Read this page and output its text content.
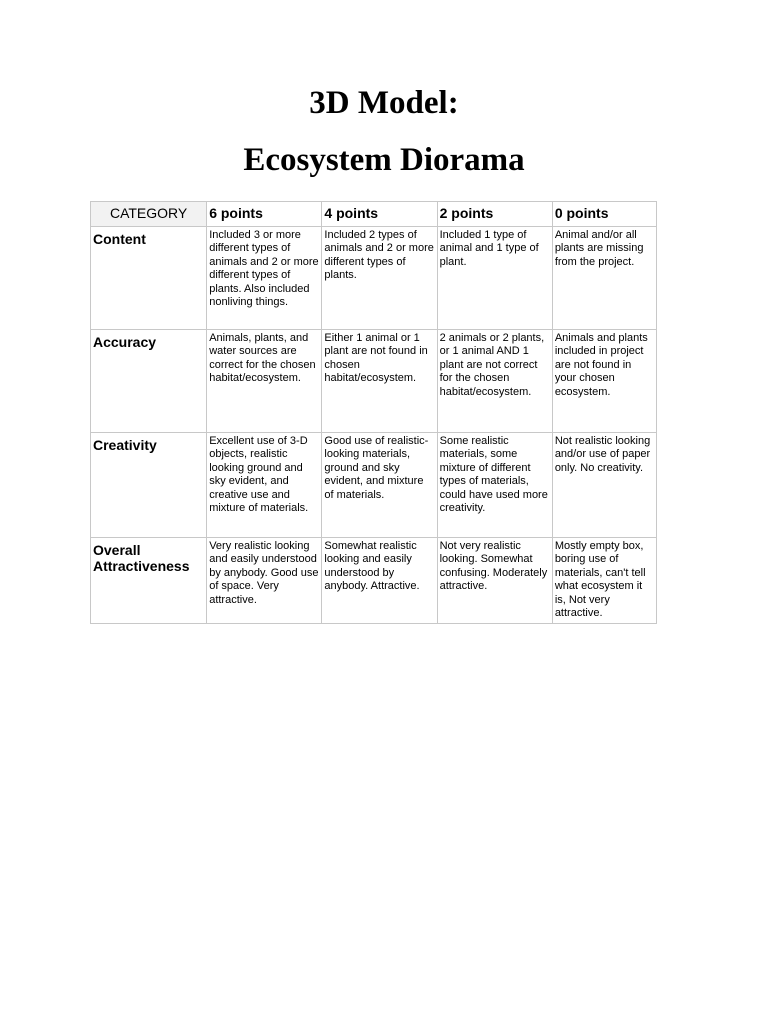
3D Model:
Ecosystem Diorama
CATEGORY	6 points	4 points	2 points	0 points
Content	Included 3 or more different types of animals and 2 or more different types of plants. Also included nonliving things.	Included 2 types of animals and 2 or more different types of plants.	Included 1 type of animal and 1 type of plant.	Animal and/or all plants are missing from the project.
Accuracy	Animals, plants, and water sources are correct for the chosen habitat/ecosystem.	Either 1 animal or 1 plant are not found in chosen habitat/ecosystem.	2 animals or 2 plants, or 1 animal AND 1 plant are not correct for the chosen habitat/ecosystem.	Animals and plants included in project are not found in your chosen ecosystem.
Creativity	Excellent use of 3-D objects, realistic looking ground and sky evident, and creative use and mixture of materials.	Good use of realistic-looking materials, ground and sky evident, and mixture of materials.	Some realistic materials, some mixture of different types of materials, could have used more creativity.	Not realistic looking and/or use of paper only. No creativity.
Overall Attractiveness	Very realistic looking and easily understood by anybody. Good use of space. Very attractive.	Somewhat realistic looking and easily understood by anybody. Attractive.	Not very realistic looking. Somewhat confusing. Moderately attractive.	Mostly empty box, boring use of materials, can't tell what ecosystem it is, Not very attractive.
